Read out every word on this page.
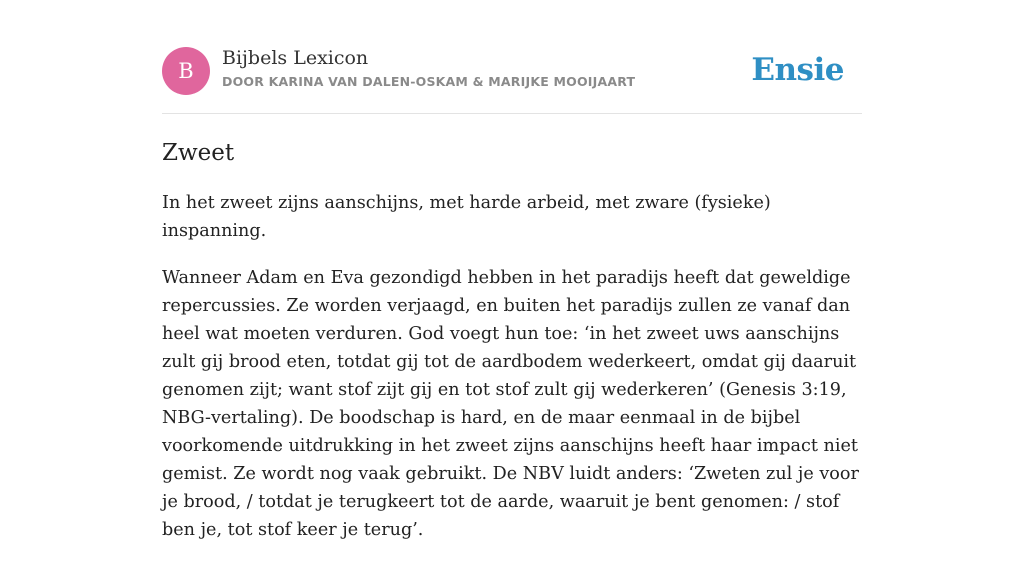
B
Bijbels Lexicon
DOOR KARINA VAN DALEN-OSKAM & MARIJKE MOOIJAART	Ensie
Zweet

In het zweet zijns aanschijns, met harde arbeid, met zware (fysieke) inspanning.

Wanneer Adam en Eva gezondigd hebben in het paradijs heeft dat geweldige repercussies. Ze worden verjaagd, en buiten het paradijs zullen ze vanaf dan heel wat moeten verduren. God voegt hun toe: ‘in het zweet uws aanschijns zult gij brood eten, totdat gij tot de aardbodem wederkeert, omdat gij daaruit genomen zijt; want stof zijt gij en tot stof zult gij wederkeren’ (Genesis 3:19, NBG-vertaling). De boodschap is hard, en de maar eenmaal in de bijbel voorkomende uitdrukking in het zweet zijns aanschijns heeft haar impact niet gemist. Ze wordt nog vaak gebruikt. De NBV luidt anders: ‘Zweten zul je voor je brood, / totdat je terugkeert tot de aarde, waaruit je bent genomen: / stof ben je, tot stof keer je terug’.
